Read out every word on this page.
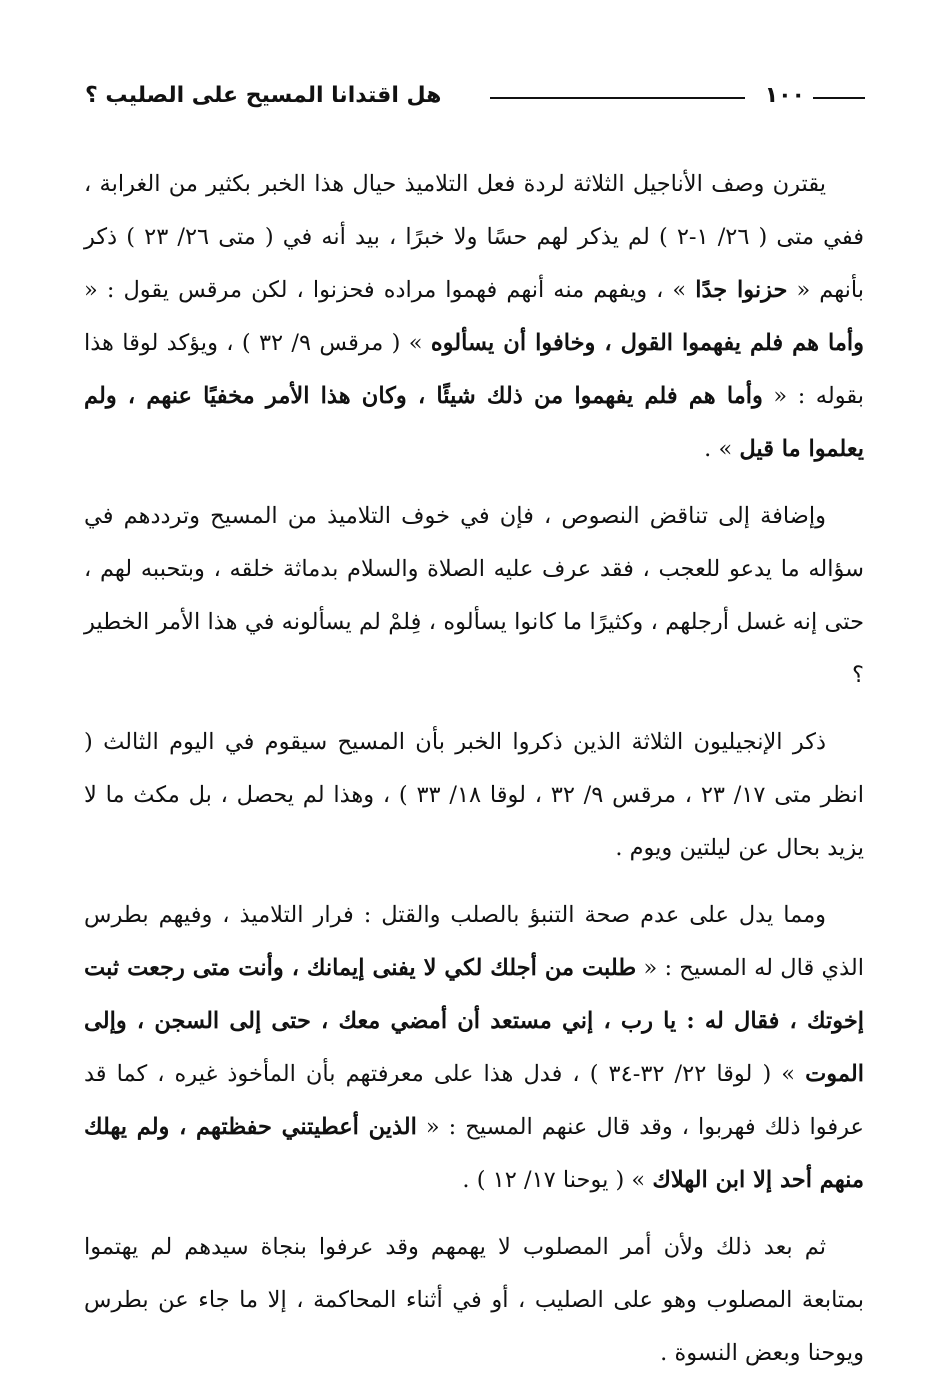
١٠٠
هل اقتدانا المسيح على الصليب ؟

يقترن وصف الأناجيل الثلاثة لردة فعل التلاميذ حيال هذا الخبر بكثير من الغرابة ، ففي متى ( ٢٦/ ١-٢ ) لم يذكر لهم حسًا ولا خبرًا ، بيد أنه في ( متى ٢٦/ ٢٣ ) ذكر بأنهم « حزنوا جدًا » ، ويفهم منه أنهم فهموا مراده فحزنوا ، لكن مرقس يقول : « وأما هم فلم يفهموا القول ، وخافوا أن يسألوه » ( مرقس ٩/ ٣٢ ) ، ويؤكد لوقا هذا بقوله : « وأما هم فلم يفهموا من ذلك شيئًا ، وكان هذا الأمر مخفيًا عنهم ، ولم يعلموا ما قيل » .

وإضافة إلى تناقض النصوص ، فإن في خوف التلاميذ من المسيح وترددهم في سؤاله ما يدعو للعجب ، فقد عرف عليه الصلاة والسلام بدماثة خلقه ، وبتحببه لهم ، حتى إنه غسل أرجلهم ، وكثيرًا ما كانوا يسألوه ، فِلمْ لم يسألونه في هذا الأمر الخطير ؟

ذكر الإنجيليون الثلاثة الذين ذكروا الخبر بأن المسيح سيقوم في اليوم الثالث ( انظر متى ١٧/ ٢٣ ، مرقس ٩/ ٣٢ ، لوقا ١٨/ ٣٣ ) ، وهذا لم يحصل ، بل مكث ما لا يزيد بحال عن ليلتين ويوم .

ومما يدل على عدم صحة التنبؤ بالصلب والقتل : فرار التلاميذ ، وفيهم بطرس الذي قال له المسيح : « طلبت من أجلك لكي لا يفنى إيمانك ، وأنت متى رجعت ثبت إخوتك ، فقال له : يا رب ، إني مستعد أن أمضي معك ، حتى إلى السجن ، وإلى الموت » ( لوقا ٢٢/ ٣٢-٣٤ ) ، فدل هذا على معرفتهم بأن المأخوذ غيره ، كما قد عرفوا ذلك فهربوا ، وقد قال عنهم المسيح : « الذين أعطيتني حفظتهم ، ولم يهلك منهم أحد إلا ابن الهلاك » ( يوحنا ١٧/ ١٢ ) .

ثم بعد ذلك ولأن أمر المصلوب لا يهمهم وقد عرفوا بنجاة سيدهم لم يهتموا بمتابعة المصلوب وهو على الصليب ، أو في أثناء المحاكمة ، إلا ما جاء عن بطرس ويوحنا وبعض النسوة .
